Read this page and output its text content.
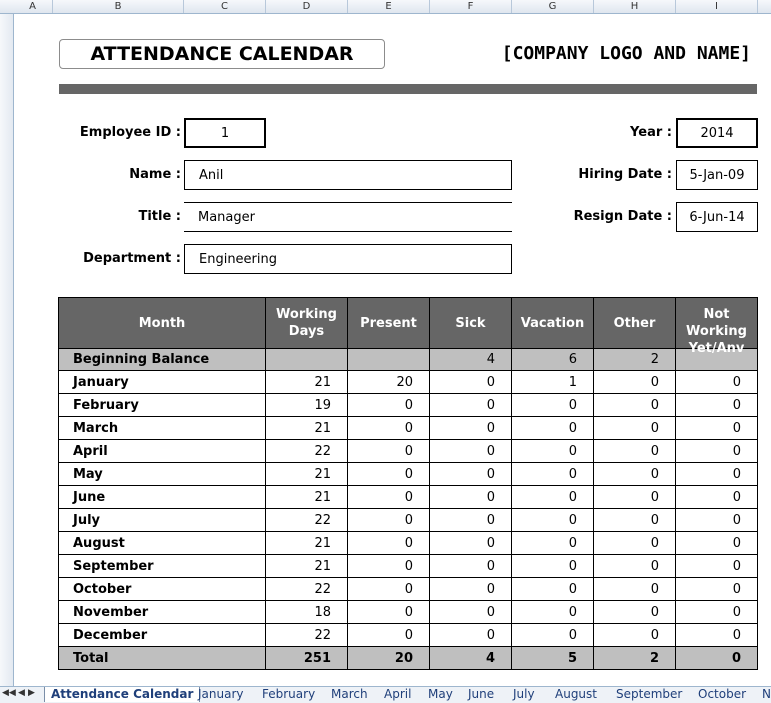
A	B	C	D	E	F	G	H	I
ATTENDANCE CALENDAR	[COMPANY LOGO AND NAME]
Employee ID :	1
Name :	Anil
Title :	Manager
Department :	Engineering
Year :	2014
Hiring Date :	5-Jan-09
Resign Date :	6-Jun-14
Month	Working Days	Present	Sick	Vacation	Other	Not Working Yet/Anv

Beginning Balance			4	6	2	
January	21	20	0	1	0	0
February	19	0	0	0	0	0
March	21	0	0	0	0	0
April	22	0	0	0	0	0
May	21	0	0	0	0	0
June	21	0	0	0	0	0
July	22	0	0	0	0	0
August	21	0	0	0	0	0
September	21	0	0	0	0	0
October	22	0	0	0	0	0
November	18	0	0	0	0	0
December	22	0	0	0	0	0
Total	251	20	4	5	2	0
◀◀ ◀ ▶	Attendance Calendar January February March April May June July August September October N
